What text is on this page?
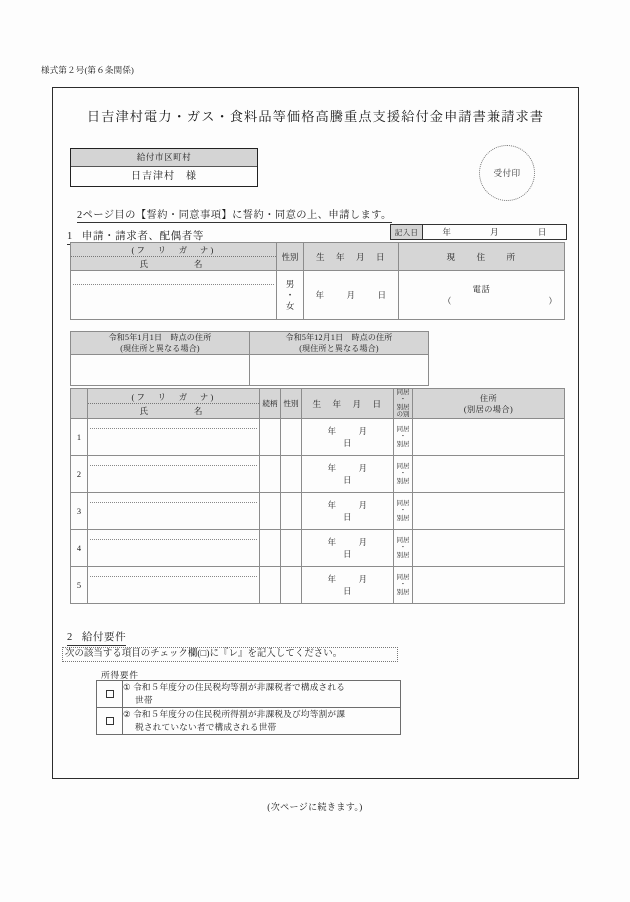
様式第２号(第６条関係)
日吉津村電力・ガス・食料品等価格高騰重点支援給付金申請書兼請求書
給付市区町村
日吉津村　様	受付印
2ページ目の【誓約・同意事項】に誓約・同意の上、申請します。
1 申請・請求者、配偶者等	記入日	年	月	日
(フ　リ　ガ　ナ)
氏　　　名	性別	生　年　月　日	現　　住　　所
	男
・
女	年 月 日	電話（　　　）
令和5年1月1日　時点の住所
(現住所と異なる場合)

令和5年12月1日　時点の住所
(現住所と異なる場合)

(フ　リ　ガ　ナ)
氏　　　名
	続柄	性別	生　年　月　日	
同居
・
別居
の別

住所
(別居の場合)

1				年 月日	同居
・
別居	
2				年 月日	同居
・
別居	
3				年 月日	同居
・
別居	
4				年 月日	同居
・
別居	
5				年 月日	同居
・
別居	
2 給付要件
次の該当する項目のチェック欄(□)に『レ』を記入してください。
所得要件
	① 令和５年度分の住民税均等割が非課税者で構成される
世帯

	② 令和５年度分の住民税所得割が非課税及び均等割が課
税されていない者で構成される世帯
(次ページに続きます。)
